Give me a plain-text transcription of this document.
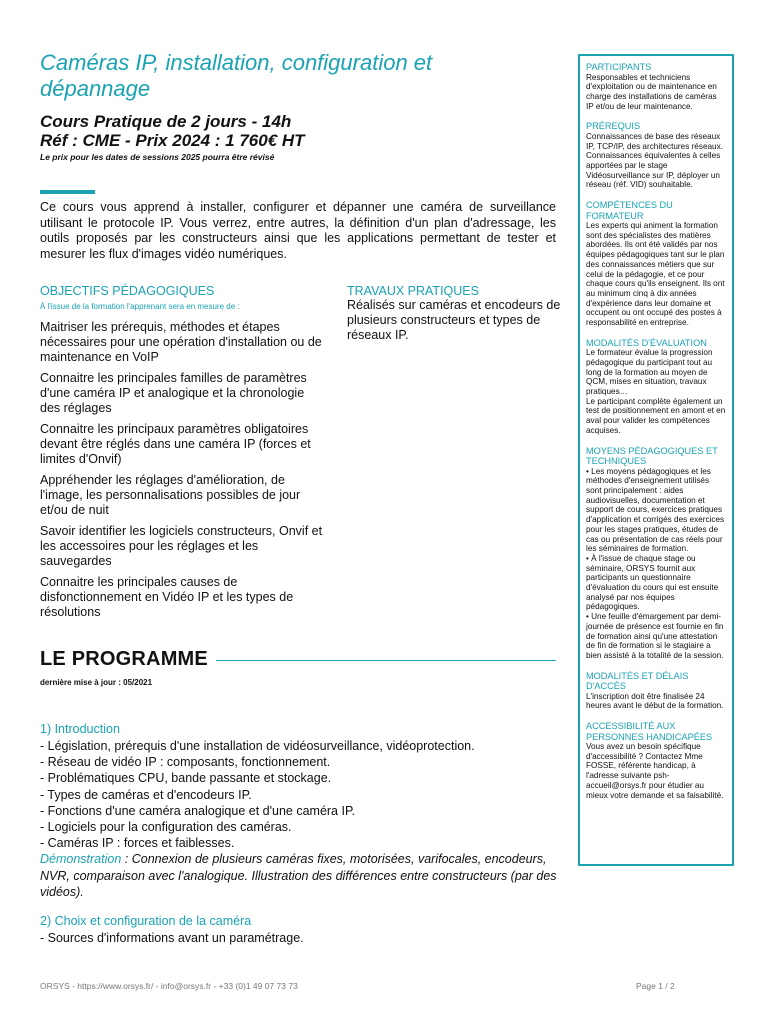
Caméras IP, installation, configuration et dépannage
Cours Pratique de 2 jours - 14h
Réf : CME - Prix 2024 : 1 760€ HT
Le prix pour les dates de sessions 2025 pourra être révisé
Ce cours vous apprend à installer, configurer et dépanner une caméra de surveillance utilisant le protocole IP. Vous verrez, entre autres, la définition d'un plan d'adressage, les outils proposés par les constructeurs ainsi que les applications permettant de tester et mesurer les flux d'images vidéo numériques.
OBJECTIFS PÉDAGOGIQUES
À l'issue de la formation l'apprenant sera en mesure de :
Maitriser les prérequis, méthodes et étapes nécessaires pour une opération d'installation ou de maintenance en VoIP
Connaitre les principales familles de paramètres d'une caméra IP et analogique et la chronologie des réglages
Connaitre les principaux paramètres obligatoires devant être réglés dans une caméra IP (forces et limites d'Onvif)
Appréhender les réglages d'amélioration, de l'image, les personnalisations possibles de jour et/ou de nuit
Savoir identifier les logiciels constructeurs, Onvif et les accessoires pour les réglages et les sauvegardes
Connaitre les principales causes de disfonctionnement en Vidéo IP et les types de résolutions
TRAVAUX PRATIQUES
Réalisés sur caméras et encodeurs de plusieurs constructeurs et types de réseaux IP.
LE PROGRAMME
dernière mise à jour : 05/2021
1) Introduction
- Législation, prérequis d'une installation de vidéosurveillance, vidéoprotection.
- Réseau de vidéo IP : composants, fonctionnement.
- Problématiques CPU, bande passante et stockage.
- Types de caméras et d'encodeurs IP.
- Fonctions d'une caméra analogique et d'une caméra IP.
- Logiciels pour la configuration des caméras.
- Caméras IP : forces et faiblesses.
Démonstration : Connexion de plusieurs caméras fixes, motorisées, varifocales, encodeurs, NVR, comparaison avec l'analogique. Illustration des différences entre constructeurs (par des vidéos).
2) Choix et configuration de la caméra
- Sources d'informations avant un paramétrage.
PARTICIPANTS
Responsables et techniciens d'exploitation ou de maintenance en charge des installations de caméras IP et/ou de leur maintenance.
PRÉREQUIS
Connaissances de base des réseaux IP, TCP/IP, des architectures réseaux. Connaissances équivalentes à celles apportées par le stage Vidéosurveillance sur IP, déployer un réseau (réf. VID) souhaitable.
COMPÉTENCES DU FORMATEUR
Les experts qui animent la formation sont des spécialistes des matières abordées. Ils ont été validés par nos équipes pédagogiques tant sur le plan des connaissances métiers que sur celui de la pédagogie, et ce pour chaque cours qu'ils enseignent. Ils ont au minimum cinq à dix années d'expérience dans leur domaine et occupent ou ont occupé des postes à responsabilité en entreprise.
MODALITÉS D'ÉVALUATION
Le formateur évalue la progression pédagogique du participant tout au long de la formation au moyen de QCM, mises en situation, travaux pratiques…
Le participant complète également un test de positionnement en amont et en aval pour valider les compétences acquises.
MOYENS PÉDAGOGIQUES ET TECHNIQUES
• Les moyens pédagogiques et les méthodes d'enseignement utilisés sont principalement : aides audiovisuelles, documentation et support de cours, exercices pratiques d'application et corrigés des exercices pour les stages pratiques, études de cas ou présentation de cas réels pour les séminaires de formation.
• À l'issue de chaque stage ou séminaire, ORSYS fournit aux participants un questionnaire d'évaluation du cours qui est ensuite analysé par nos équipes pédagogiques.
• Une feuille d'émargement par demi-journée de présence est fournie en fin de formation ainsi qu'une attestation de fin de formation si le stagiaire a bien assisté à la totalité de la session.
MODALITÉS ET DÉLAIS D'ACCÈS
L'inscription doit être finalisée 24 heures avant le début de la formation.
ACCESSIBILITÉ AUX PERSONNES HANDICAPÉES
Vous avez un besoin spécifique d'accessibilité ? Contactez Mme FOSSE, référente handicap, à l'adresse suivante psh-accueil@orsys.fr pour étudier au mieux votre demande et sa faisabilité.
ORSYS - https://www.orsys.fr/ - info@orsys.fr - +33 (0)1 49 07 73 73	Page 1 / 2
